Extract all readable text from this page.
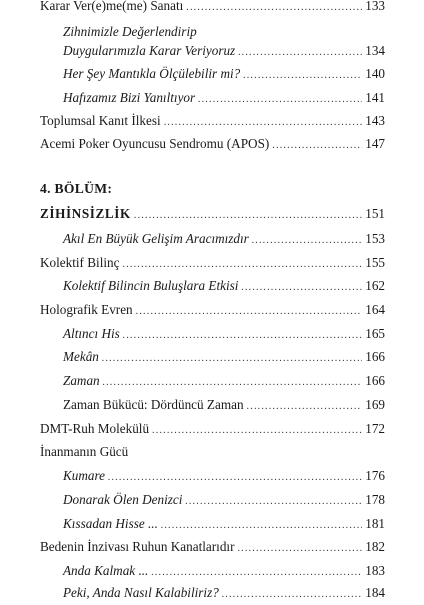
Karar Ver(e)me(me) Sanatı .....	133
Zihnimizle Değerlendirip
Duygularımızla Karar Veriyoruz .....	134
Her Şey Mantıkla Ölçülebilir mi? .....	140
Hafızamız Bizi Yanıltıyor .....	141
Toplumsal Kanıt İlkesi .....	143
Acemi Poker Oyuncusu Sendromu (APOS) .....	147
4. BÖLÜM:
ZİHİNSİZLİK .....	151
Akıl En Büyük Gelişim Aracımızdır .....	153
Kolektif Bilinç .....	155
Kolektif Bilincin Buluşlara Etkisi .....	162
Holografik Evren .....	164
Altıncı His .....	165
Mekân .....	166
Zaman .....	166
Zaman Bükücü: Dördüncü Zaman .....	169
DMT-Ruh Molekülü .....	172
İnanmanın Gücü
Kumare .....	176
Donarak Ölen Denizci .....	178
Kıssadan Hisse ... .....	181
Bedenin İnzivası Ruhun Kanatlarıdır .....	182
Anda Kalmak ... .....	183
Peki, Anda Nasıl Kalabiliriz? .....	184
